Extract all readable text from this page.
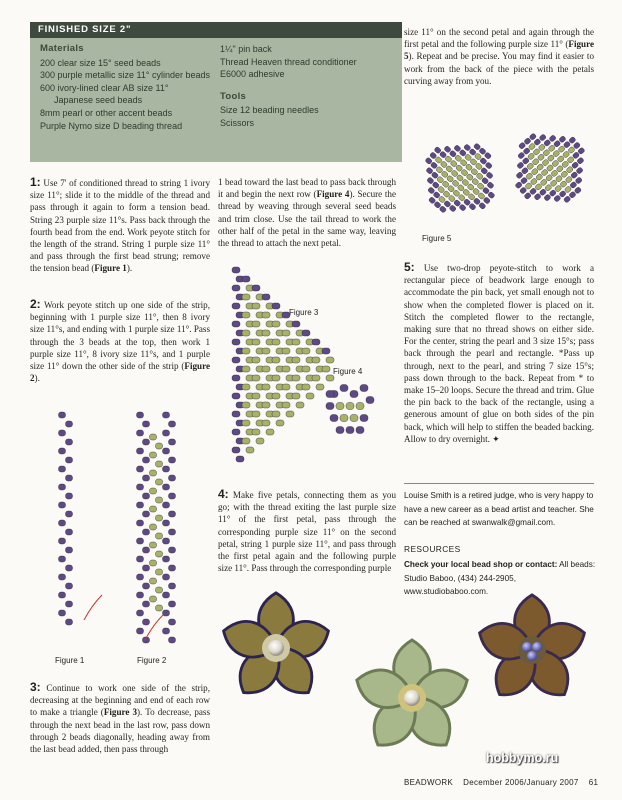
FINISHED SIZE 2"
Materials
200 clear size 15° seed beads
300 purple metallic size 11° cylinder beads
600 ivory-lined clear AB size 11°
Japanese seed beads
8mm pearl or other accent beads
Purple Nymo size D beading thread
1¼" pin back
Thread Heaven thread conditioner
E6000 adhesive
Tools
Size 12 beading needles
Scissors
size 11° on the second petal and again through the first petal and the following purple size 11° (Figure 5). Repeat and be precise. You may find it easier to work from the back of the piece with the petals curving away from you.
1: Use 7' of conditioned thread to string 1 ivory size 11°; slide it to the middle of the thread and pass through it again to form a tension bead. String 23 purple size 11°s. Pass back through the fourth bead from the end. Work peyote stitch for the length of the strand. String 1 purple size 11° and pass through the first bead strung; remove the tension bead (Figure 1).
2: Work peyote stitch up one side of the strip, beginning with 1 purple size 11°, then 8 ivory size 11°s, and ending with 1 purple size 11°. Pass through the 3 beads at the top, then work 1 purple size 11°, 8 ivory size 11°s, and 1 purple size 11° down the other side of the strip (Figure 2).
1 bead toward the last bead to pass back through it and begin the next row (Figure 4). Secure the thread by weaving through several seed beads and trim close. Use the tail thread to work the other half of the petal in the same way, leaving the thread to attach the next petal.
Figure 1	Figure 2
Figure 3
Figure 4
Figure 5
4: Make five petals, connecting them as you go; with the thread exiting the last purple size 11° of the first petal, pass through the corresponding purple size 11° on the second petal, string 1 purple size 11°, and pass through the first petal again and the following purple size 11°. Pass through the corresponding purple
5: Use two-drop peyote-stitch to work a rectangular piece of beadwork large enough to accommodate the pin back, yet small enough not to show when the completed flower is placed on it. Stitch the completed flower to the rectangle, making sure that no thread shows on either side. For the center, string the pearl and 3 size 15°s; pass back through the pearl and rectangle. *Pass up through, next to the pearl, and string 7 size 15°s; pass down through to the back. Repeat from * to make 15–20 loops. Secure the thread and trim. Glue the pin back to the back of the rectangle, using a generous amount of glue on both sides of the pin back, which will help to stiffen the beaded backing. Allow to dry overnight. ✦
Louise Smith is a retired judge, who is very happy to have a new career as a bead artist and teacher. She can be reached at swanwalk@gmail.com.
RESOURCES
Check your local bead shop or contact: All beads: Studio Baboo, (434) 244-2905, www.studiobaboo.com.
3: Continue to work one side of the strip, decreasing at the beginning and end of each row to make a triangle (Figure 3). To decrease, pass through the next bead in the last row, pass down through 2 beads diagonally, heading away from the last bead added, then pass through
hobbymo.ru
BEADWORK December 2006/January 2007 61
